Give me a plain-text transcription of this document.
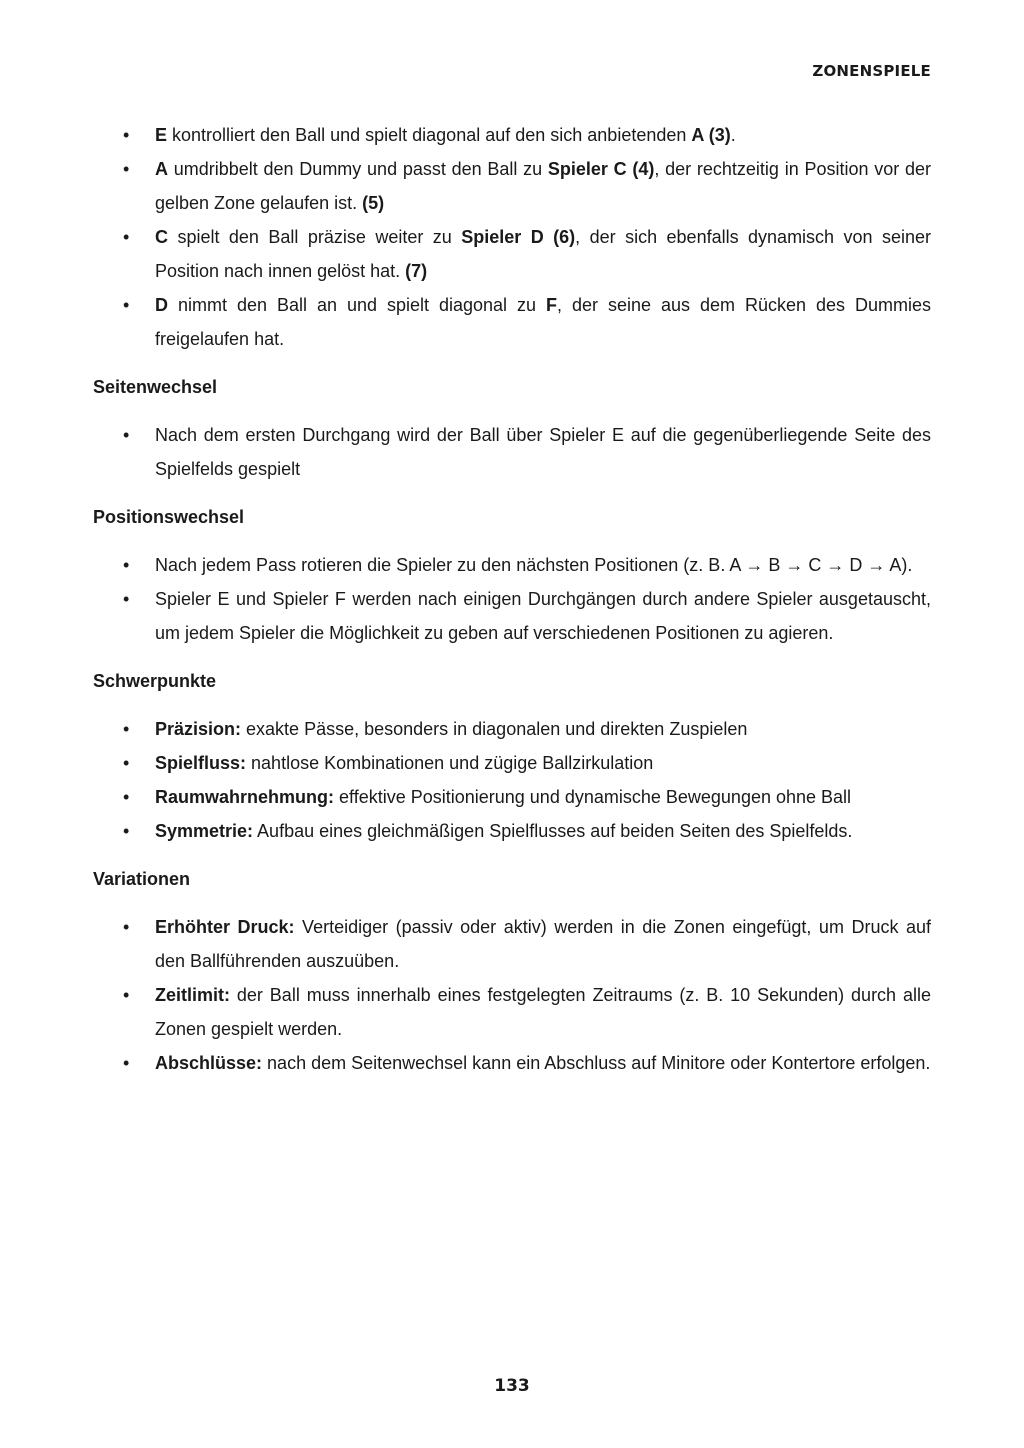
ZONENSPIELE
• E kontrolliert den Ball und spielt diagonal auf den sich anbietenden A (3).
• A umdribbelt den Dummy und passt den Ball zu Spieler C (4), der rechtzeitig in Position vor der gelben Zone gelaufen ist. (5)
• C spielt den Ball präzise weiter zu Spieler D (6), der sich ebenfalls dynamisch von seiner Position nach innen gelöst hat. (7)
• D nimmt den Ball an und spielt diagonal zu F, der seine aus dem Rücken des Dummies freigelaufen hat.
Seitenwechsel
• Nach dem ersten Durchgang wird der Ball über Spieler E auf die gegenüberliegende Seite des Spielfelds gespielt
Positionswechsel
• Nach jedem Pass rotieren die Spieler zu den nächsten Positionen (z. B. A → B → C → D → A).
• Spieler E und Spieler F werden nach einigen Durchgängen durch andere Spieler ausgetauscht, um jedem Spieler die Möglichkeit zu geben auf verschiedenen Positionen zu agieren.
Schwerpunkte
• Präzision: exakte Pässe, besonders in diagonalen und direkten Zuspielen
• Spielfluss: nahtlose Kombinationen und zügige Ballzirkulation
• Raumwahrnehmung: effektive Positionierung und dynamische Bewegungen ohne Ball
• Symmetrie: Aufbau eines gleichmäßigen Spielflusses auf beiden Seiten des Spielfelds.
Variationen
• Erhöhter Druck: Verteidiger (passiv oder aktiv) werden in die Zonen eingefügt, um Druck auf den Ballführenden auszuüben.
• Zeitlimit: der Ball muss innerhalb eines festgelegten Zeitraums (z. B. 10 Sekunden) durch alle Zonen gespielt werden.
• Abschlüsse: nach dem Seitenwechsel kann ein Abschluss auf Minitore oder Kontertore erfolgen.
133
